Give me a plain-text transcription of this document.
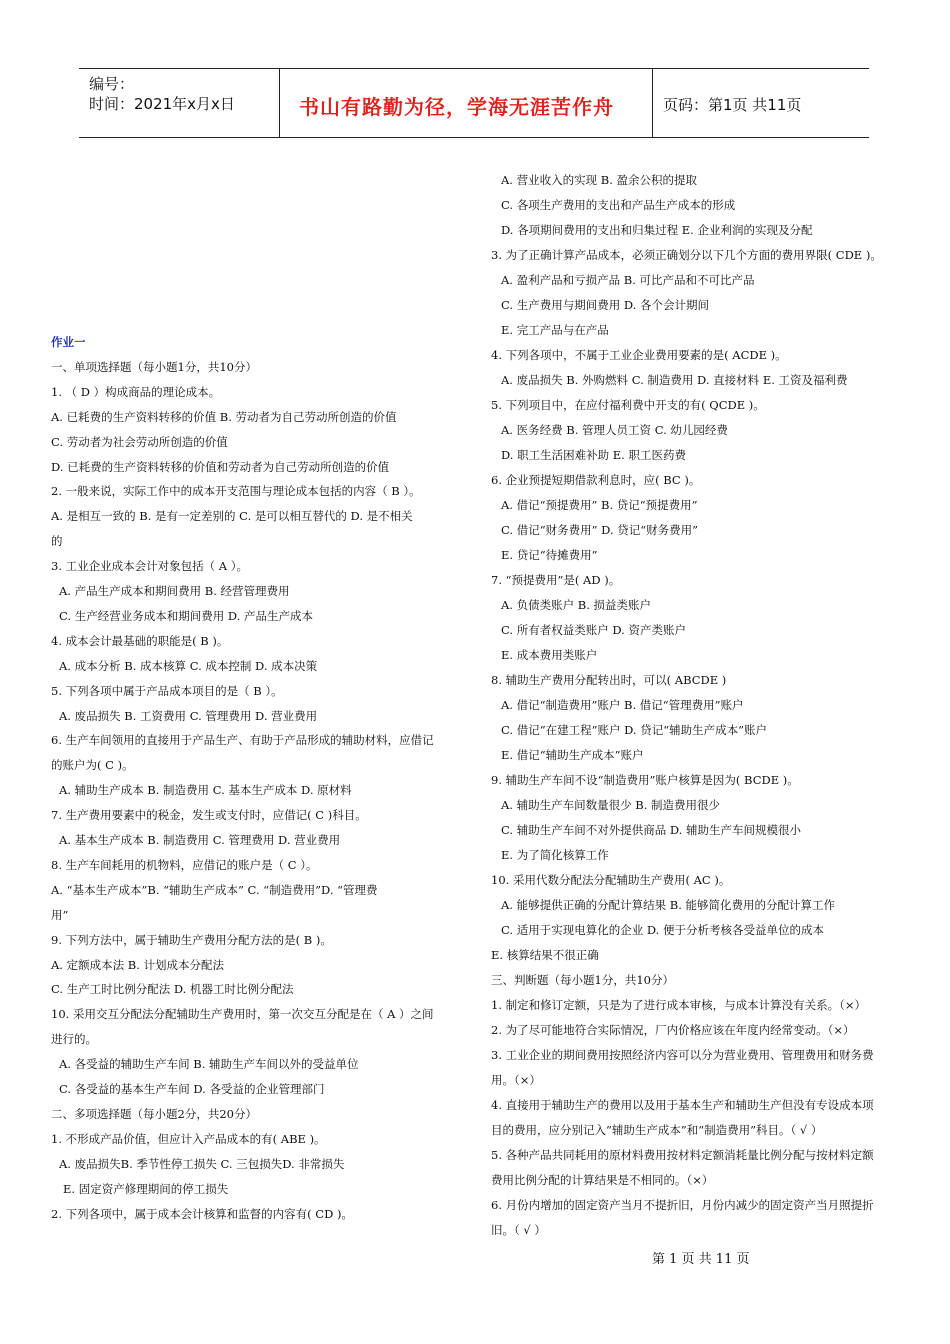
编号：
时间：2021年x月x日	书山有路勤为径，学海无涯苦作舟	页码：第1页 共11页
作业一
一、单项选择题（每小题1分，共10分）
1. （ D ）构成商品的理论成本。
A. 已耗费的生产资料转移的价值 B. 劳动者为自己劳动所创造的价值
C. 劳动者为社会劳动所创造的价值
D. 已耗费的生产资料转移的价值和劳动者为自己劳动所创造的价值
2. 一般来说，实际工作中的成本开支范围与理论成本包括的内容（ B ）。
A. 是相互一致的 B. 是有一定差别的 C. 是可以相互替代的 D. 是不相关
的
3. 工业企业成本会计对象包括（ A ）。
A. 产品生产成本和期间费用 B. 经营管理费用
C. 生产经营业务成本和期间费用 D. 产品生产成本
4. 成本会计最基础的职能是( B )。
A. 成本分析 B. 成本核算 C. 成本控制 D. 成本决策
5. 下列各项中属于产品成本项目的是（ B ）。
A. 废品损失 B. 工资费用 C. 管理费用 D. 营业费用
6. 生产车间领用的直接用于产品生产、有助于产品形成的辅助材料，应借记
的账户为( C )。
A. 辅助生产成本 B. 制造费用 C. 基本生产成本 D. 原材料
7. 生产费用要素中的税金，发生或支付时，应借记( C )科目。
A. 基本生产成本 B. 制造费用 C. 管理费用 D. 营业费用
8. 生产车间耗用的机物料，应借记的账户是（ C ）。
A. “基本生产成本”B. “辅助生产成本” C. “制造费用”D. “管理费
用”
9. 下列方法中，属于辅助生产费用分配方法的是( B )。
A. 定额成本法 B. 计划成本分配法
C. 生产工时比例分配法 D. 机器工时比例分配法
10. 采用交互分配法分配辅助生产费用时，第一次交互分配是在（ A ）之间
进行的。
A. 各受益的辅助生产车间 B. 辅助生产车间以外的受益单位
C. 各受益的基本生产车间 D. 各受益的企业管理部门
二、多项选择题（每小题2分，共20分）
1. 不形成产品价值，但应计入产品成本的有( ABE )。
A. 废品损失B. 季节性停工损失 C. 三包损失D. 非常损失
E. 固定资产修理期间的停工损失
2. 下列各项中，属于成本会计核算和监督的内容有( CD )。
A. 营业收入的实现 B. 盈余公积的提取
C. 各项生产费用的支出和产品生产成本的形成
D. 各项期间费用的支出和归集过程 E. 企业利润的实现及分配
3. 为了正确计算产品成本，必须正确划分以下几个方面的费用界限( CDE )。
A. 盈利产品和亏损产品 B. 可比产品和不可比产品
C. 生产费用与期间费用 D. 各个会计期间
E. 完工产品与在产品
4. 下列各项中，不属于工业企业费用要素的是( ACDE )。
A. 废品损失 B. 外购燃料 C. 制造费用 D. 直接材料 E. 工资及福利费
5. 下列项目中，在应付福利费中开支的有( QCDE )。
A. 医务经费 B. 管理人员工资 C. 幼儿园经费
D. 职工生活困难补助 E. 职工医药费
6. 企业预提短期借款利息时，应( BC )。
A. 借记“预提费用” B. 贷记“预提费用”
C. 借记“财务费用” D. 贷记“财务费用”
E. 贷记“待摊费用”
7. “预提费用”是( AD )。
A. 负债类账户 B. 损益类账户
C. 所有者权益类账户 D. 资产类账户
E. 成本费用类账户
8. 辅助生产费用分配转出时，可以( ABCDE )
A. 借记“制造费用”账户 B. 借记“管理费用”账户
C. 借记“在建工程”账户 D. 贷记“辅助生产成本”账户
E. 借记“辅助生产成本”账户
9. 辅助生产车间不设“制造费用”账户核算是因为( BCDE )。
A. 辅助生产车间数量很少 B. 制造费用很少
C. 辅助生产车间不对外提供商品 D. 辅助生产车间规模很小
E. 为了简化核算工作
10. 采用代数分配法分配辅助生产费用( AC )。
A. 能够提供正确的分配计算结果 B. 能够简化费用的分配计算工作
C. 适用于实现电算化的企业 D. 便于分析考核各受益单位的成本
E. 核算结果不很正确
三、判断题（每小题1分，共10分）
1. 制定和修订定额，只是为了进行成本审核，与成本计算没有关系。（×）
2. 为了尽可能地符合实际情况，厂内价格应该在年度内经常变动。（×）
3. 工业企业的期间费用按照经济内容可以分为营业费用、管理费用和财务费
用。（×）
4. 直接用于辅助生产的费用以及用于基本生产和辅助生产但没有专设成本项
目的费用，应分别记入“辅助生产成本”和“制造费用”科目。（ √ ）
5. 各种产品共同耗用的原材料费用按材料定额消耗量比例分配与按材料定额
费用比例分配的计算结果是不相同的。（×）
6. 月份内增加的固定资产当月不提折旧，月份内减少的固定资产当月照提折
旧。（ √ ）
第 1 页 共 11 页
